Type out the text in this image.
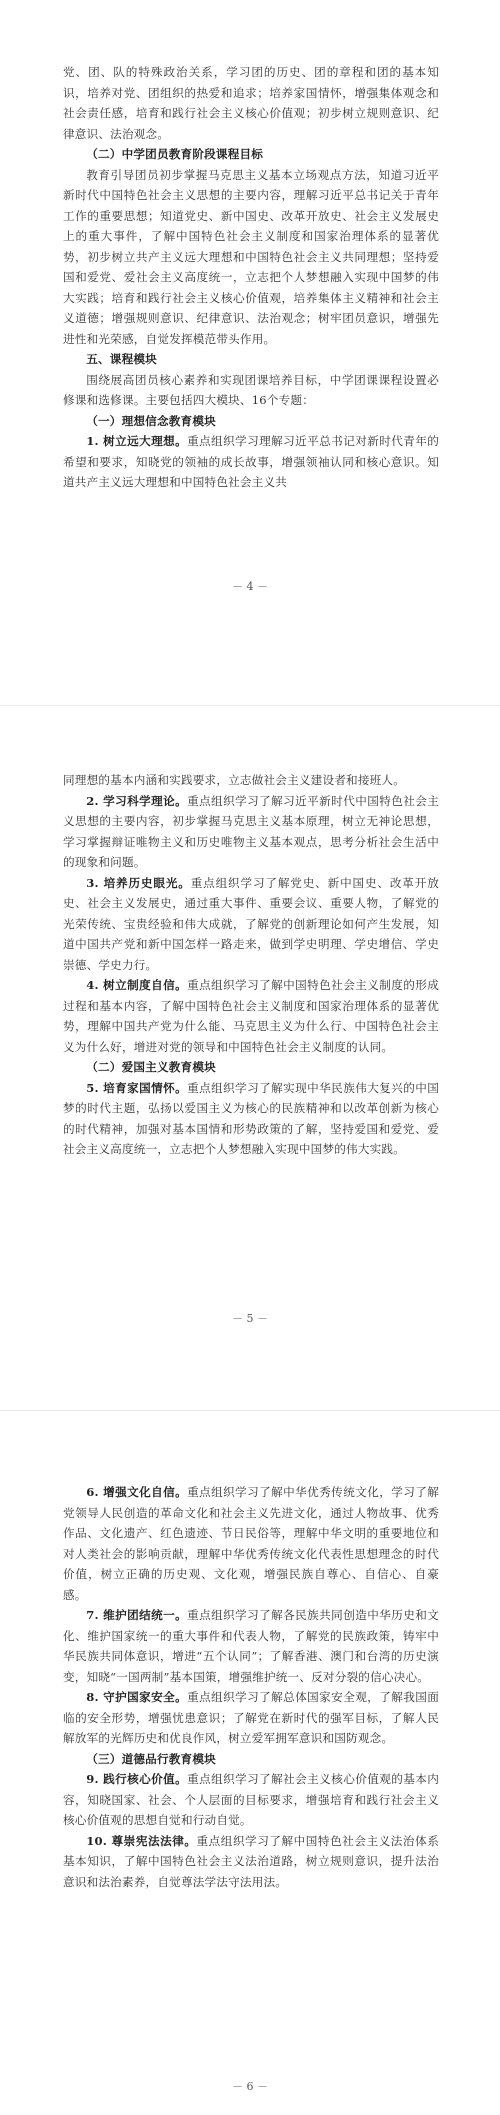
党、团、队的特殊政治关系，学习团的历史、团的章程和团的基本知识，培养对党、团组织的热爱和追求；培养家国情怀，增强集体观念和社会责任感，培育和践行社会主义核心价值观；初步树立规则意识、纪律意识、法治观念。

（二）中学团员教育阶段课程目标

教育引导团员初步掌握马克思主义基本立场观点方法，知道习近平新时代中国特色社会主义思想的主要内容，理解习近平总书记关于青年工作的重要思想；知道党史、新中国史、改革开放史、社会主义发展史上的重大事件，了解中国特色社会主义制度和国家治理体系的显著优势，初步树立共产主义远大理想和中国特色社会主义共同理想；坚持爱国和爱党、爱社会主义高度统一，立志把个人梦想融入实现中国梦的伟大实践；培育和践行社会主义核心价值观，培养集体主义精神和社会主义道德；增强规则意识、纪律意识、法治观念；树牢团员意识，增强先进性和光荣感，自觉发挥模范带头作用。

五、课程模块

围绕展高团员核心素养和实现团课培养目标，中学团课课程设置必修课和选修课。主要包括四大模块、16个专题：

（一）理想信念教育模块

1. 树立远大理想。重点组织学习理解习近平总书记对新时代青年的希望和要求，知晓党的领袖的成长故事，增强领袖认同和核心意识。知道共产主义远大理想和中国特色社会主义共

－ 4 －

同理想的基本内涵和实践要求，立志做社会主义建设者和接班人。

2. 学习科学理论。重点组织学习了解习近平新时代中国特色社会主义思想的主要内容，初步掌握马克思主义基本原理，树立无神论思想，学习掌握辩证唯物主义和历史唯物主义基本观点，思考分析社会生活中的现象和问题。

3. 培养历史眼光。重点组织学习了解党史、新中国史、改革开放史、社会主义发展史，通过重大事件、重要会议、重要人物，了解党的光荣传统、宝贵经验和伟大成就，了解党的创新理论如何产生发展，知道中国共产党和新中国怎样一路走来，做到学史明理、学史增信、学史崇德、学史力行。

4. 树立制度自信。重点组织学习了解中国特色社会主义制度的形成过程和基本内容，了解中国特色社会主义制度和国家治理体系的显著优势，理解中国共产党为什么能、马克思主义为什么行、中国特色社会主义为什么好，增进对党的领导和中国特色社会主义制度的认同。

（二）爱国主义教育模块

5. 培育家国情怀。重点组织学习了解实现中华民族伟大复兴的中国梦的时代主题，弘扬以爱国主义为核心的民族精神和以改革创新为核心的时代精神，加强对基本国情和形势政策的了解，坚持爱国和爱党、爱社会主义高度统一，立志把个人梦想融入实现中国梦的伟大实践。

－ 5 －

6. 增强文化自信。重点组织学习了解中华优秀传统文化，学习了解党领导人民创造的革命文化和社会主义先进文化，通过人物故事、优秀作品、文化遗产、红色遗迹、节日民俗等，理解中华文明的重要地位和对人类社会的影响贡献，理解中华优秀传统文化代表性思想理念的时代价值，树立正确的历史观、文化观，增强民族自尊心、自信心、自豪感。

7. 维护团结统一。重点组织学习了解各民族共同创造中华历史和文化、维护国家统一的重大事件和代表人物，了解党的民族政策，铸牢中华民族共同体意识，增进“五个认同”；了解香港、澳门和台湾的历史演变，知晓“一国两制”基本国策，增强维护统一、反对分裂的信心决心。

8. 守护国家安全。重点组织学习了解总体国家安全观，了解我国面临的安全形势，增强忧患意识；了解党在新时代的强军目标，了解人民解放军的光辉历史和优良作风，树立爱军拥军意识和国防观念。

（三）道德品行教育模块

9. 践行核心价值。重点组织学习了解社会主义核心价值观的基本内容，知晓国家、社会、个人层面的目标要求，增强培育和践行社会主义核心价值观的思想自觉和行动自觉。

10. 尊崇宪法法律。重点组织学习了解中国特色社会主义法治体系基本知识，了解中国特色社会主义法治道路，树立规则意识，提升法治意识和法治素养，自觉尊法学法守法用法。

－ 6 －
